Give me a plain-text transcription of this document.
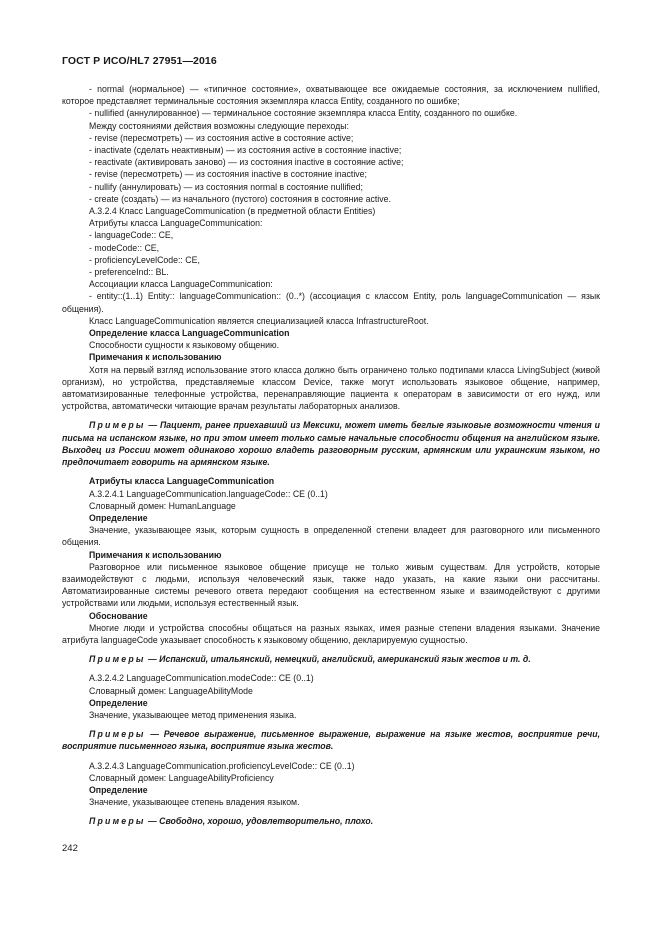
ГОСТ Р ИСО/HL7 27951—2016

- normal (нормальное) — «типичное состояние», охватывающее все ожидаемые состояния, за исключением nullified, которое представляет терминальные состояния экземпляра класса Entity, созданного по ошибке;

- nullified (аннулированное) — терминальное состояние экземпляра класса Entity, созданного по ошибке.

Между состояниями действия возможны следующие переходы:

- revise (пересмотреть) — из состояния active в состояние active;

- inactivate (сделать неактивным) — из состояния active в состояние inactive;

- reactivate (активировать заново) — из состояния inactive в состояние active;

- revise (пересмотреть) — из состояния inactive в состояние inactive;

- nullify (аннулировать) — из состояния normal в состояние nullified;

- create (создать) — из начального (пустого) состояния в состояние active.

А.3.2.4 Класс LanguageCommunication (в предметной области Entities)

Атрибуты класса LanguageCommunication:

- languageCode:: CE,

- modeCode:: CE,

- proficiencyLevelCode:: CE,

- preferenceInd:: BL.

Ассоциации класса LanguageCommunication:

- entity::(1..1) Entity:: languageCommunication:: (0..*) (ассоциация с классом Entity, роль languageCommunication — язык общения).

Класс LanguageCommunication является специализацией класса InfrastructureRoot.

Определение класса LanguageCommunication

Способности сущности к языковому общению.

Примечания к использованию

Хотя на первый взгляд использование этого класса должно быть ограничено только подтипами класса LivingSubject (живой организм), но устройства, представляемые классом Device, также могут использовать языковое общение, например, автоматизированные телефонные устройства, перенаправляющие пациента к операторам в зависимости от его нужд, или устройства, автоматически читающие врачам результаты лабораторных анализов.

Примеры — Пациент, ранее приехавший из Мексики, может иметь беглые языковые возможности чтения и письма на испанском языке, но при этом имеет только самые начальные способности общения на английском языке. Выходец из России может одинаково хорошо владеть разговорным русским, армянским или украинским языком, но предпочитает говорить на армянском языке.

Атрибуты класса LanguageCommunication

А.3.2.4.1 LanguageCommunication.languageCode:: CE (0..1)

Словарный домен: HumanLanguage

Определение

Значение, указывающее язык, которым сущность в определенной степени владеет для разговорного или письменного общения.

Примечания к использованию

Разговорное или письменное языковое общение присуще не только живым существам. Для устройств, которые взаимодействуют с людьми, используя человеческий язык, также надо указать, на какие языки они рассчитаны. Автоматизированные системы речевого ответа передают сообщения на естественном языке и взаимодействуют с другими устройствами или людьми, используя естественный язык.

Обоснование

Многие люди и устройства способны общаться на разных языках, имея разные степени владения языками. Значение атрибута languageCode указывает способность к языковому общению, декларируемую сущностью.

Примеры — Испанский, итальянский, немецкий, английский, американский язык жестов и т. д.

А.3.2.4.2 LanguageCommunication.modeCode:: CE (0..1)

Словарный домен: LanguageAbilityMode

Определение

Значение, указывающее метод применения языка.

Примеры — Речевое выражение, письменное выражение, выражение на языке жестов, восприятие речи, восприятие письменного языка, восприятие языка жестов.

А.3.2.4.3 LanguageCommunication.proficiencyLevelCode:: CE (0..1)

Словарный домен: LanguageAbilityProficiency

Определение

Значение, указывающее степень владения языком.

Примеры — Свободно, хорошо, удовлетворительно, плохо.

242
